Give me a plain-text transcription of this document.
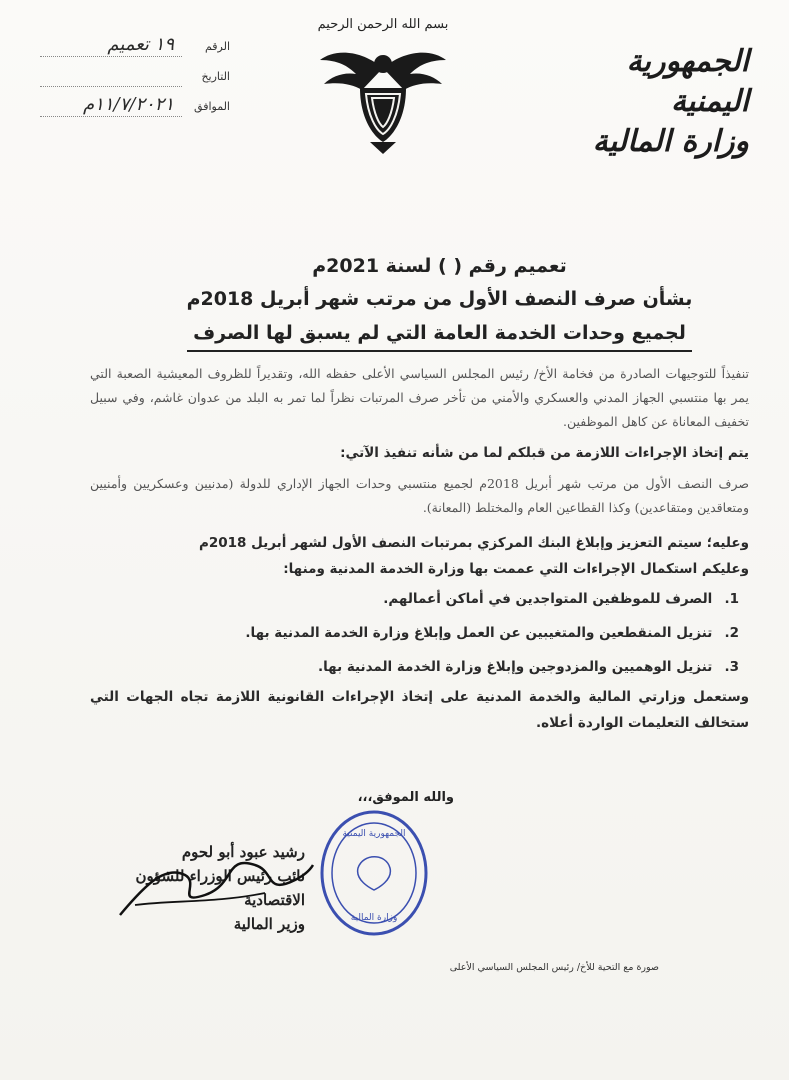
الجمهورية اليمنية
وزارة المالية
بسم الله الرحمن الرحيم
الرقم
١٩ تعميم
التاريخ
الموافق
١١/٧/٢٠٢١م
تعميم رقم ( ) لسنة 2021م
بشأن صرف النصف الأول من مرتب شهر أبريل 2018م
لجميع وحدات الخدمة العامة التي لم يسبق لها الصرف

تنفيذاً للتوجيهات الصادرة من فخامة الأخ/ رئيس المجلس السياسي الأعلى حفظه الله، وتقديراً للظروف المعيشية الصعبة التي يمر بها منتسبي الجهاز المدني والعسكري والأمني من تأخر صرف المرتبات نظراً لما تمر به البلد من عدوان غاشم، وفي سبيل تخفيف المعاناة عن كاهل الموظفين.

يتم إتخاذ الإجراءات اللازمة من قبلكم لما من شأنه تنفيذ الآتي:

صرف النصف الأول من مرتب شهر أبريل 2018م لجميع منتسبي وحدات الجهاز الإداري للدولة (مدنيين وعسكريين وأمنيين ومتعاقدين ومتقاعدين) وكذا القطاعين العام والمختلط (المعانة).

وعليه؛ سيتم التعزيز وإبلاغ البنك المركزي بمرتبات النصف الأول لشهر أبريل 2018م

وعليكم استكمال الإجراءات التي عممت بها وزارة الخدمة المدنية ومنها:

1. الصرف للموظفين المتواجدين في أماكن أعمالهم.
2. تنزيل المنقطعين والمتغيبين عن العمل وإبلاغ وزارة الخدمة المدنية بها.
3. تنزيل الوهميين والمزدوجين وإبلاغ وزارة الخدمة المدنية بها.

وستعمل وزارتي المالية والخدمة المدنية على إتخاذ الإجراءات القانونية اللازمة تجاه الجهات التي ستخالف التعليمات الواردة أعلاه.

والله الموفق،،،
رشيد عبود أبو لحوم
نائب رئيس الوزراء للشؤون الاقتصادية
وزير المالية
الجمهورية اليمنية
وزارة المالية
صورة مع التحية للأخ/ رئيس المجلس السياسي الأعلى
